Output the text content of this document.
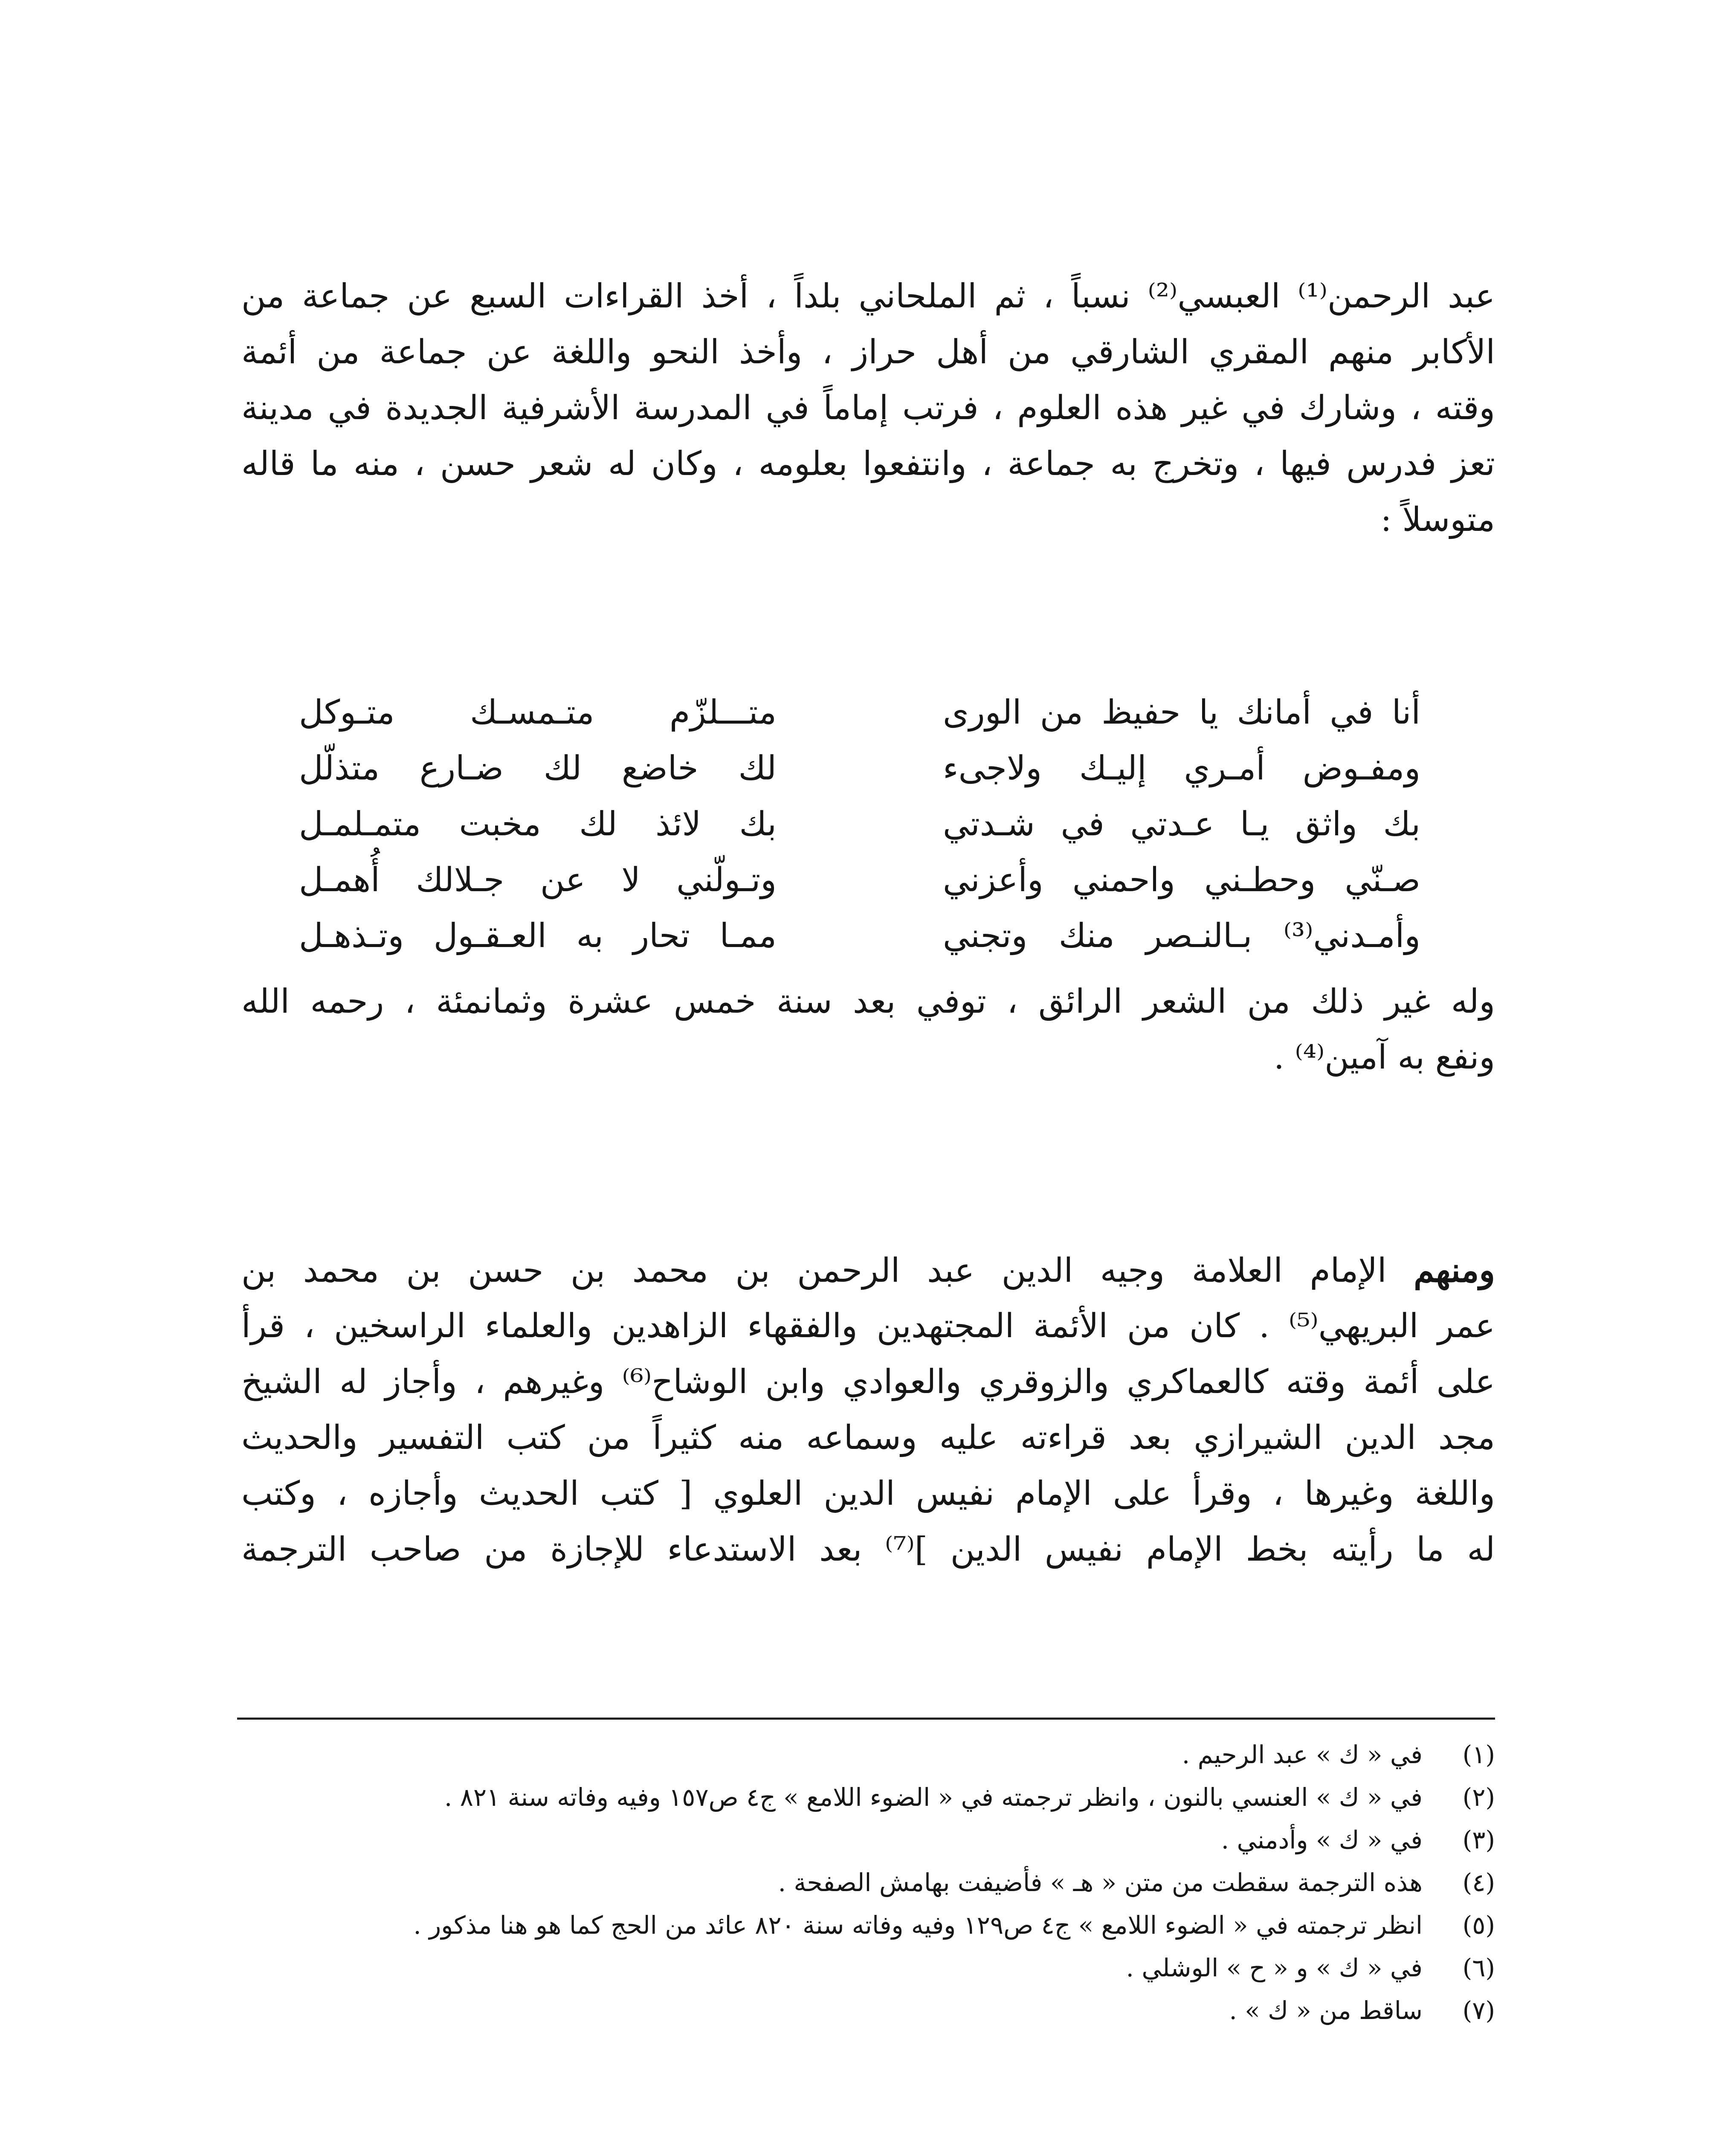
عبد الرحمن⁽¹⁾ العبسي⁽²⁾ نسباً ، ثم الملحاني بلداً ، أخذ القراءات السبع عن جماعة من
الأكابر منهم المقري الشارقي من أهل حراز ، وأخذ النحو واللغة عن جماعة من أئمة
وقته ، وشارك في غير هذه العلوم ، فرتب إماماً في المدرسة الأشرفية الجديدة في مدينة
تعز فدرس فيها ، وتخرج به جماعة ، وانتفعوا بعلومه ، وكان له شعر حسن ، منه ما قاله
متوسلاً :
أنا في أمانك يا حفيظ من الورى
متـــلزّم متـمسـك متـوكل
ومفـوض أمـري إليـك ولاجىء
لك خاضع لك ضـارع متذلّل
بك واثق يـا عـدتي في شـدتي
بك لائذ لك مخبت متمـلمـل
صـنّي وحطـني واحمني وأعزني
وتـولّني لا عن جـلالك أُهمـل
وأمـدني⁽³⁾ بـالنـصر منك وتجني
ممـا تحار به العـقـول وتـذهـل
وله غير ذلك من الشعر الرائق ، توفي بعد سنة خمس عشرة وثمانمئة ، رحمه الله
ونفع به آمين⁽⁴⁾ .
ومنهم الإمام العلامة وجيه الدين عبد الرحمن بن محمد بن حسن بن محمد بن
عمر البريهي⁽⁵⁾ . كان من الأئمة المجتهدين والفقهاء الزاهدين والعلماء الراسخين ، قرأ
على أئمة وقته كالعماكري والزوقري والعوادي وابن الوشاح⁽⁶⁾ وغيرهم ، وأجاز له الشيخ
مجد الدين الشيرازي بعد قراءته عليه وسماعه منه كثيراً من كتب التفسير والحديث
واللغة وغيرها ، وقرأ على الإمام نفيس الدين العلوي [ كتب الحديث وأجازه ، وكتب
له ما رأيته بخط الإمام نفيس الدين ]⁽⁷⁾ بعد الاستدعاء للإجازة من صاحب الترجمة
(١)
في « ك » عبد الرحيم .
(٢)
في « ك » العنسي بالنون ، وانظر ترجمته في « الضوء اللامع » ج٤ ص١٥٧ وفيه وفاته سنة ٨٢١ .
(٣)
في « ك » وأدمني .
(٤)
هذه الترجمة سقطت من متن « هـ » فأضيفت بهامش الصفحة .
(٥)
انظر ترجمته في « الضوء اللامع » ج٤ ص١٢٩ وفيه وفاته سنة ٨٢٠ عائد من الحج كما هو هنا مذكور .
(٦)
في « ك » و « ح » الوشلي .
(٧)
ساقط من « ك » .
